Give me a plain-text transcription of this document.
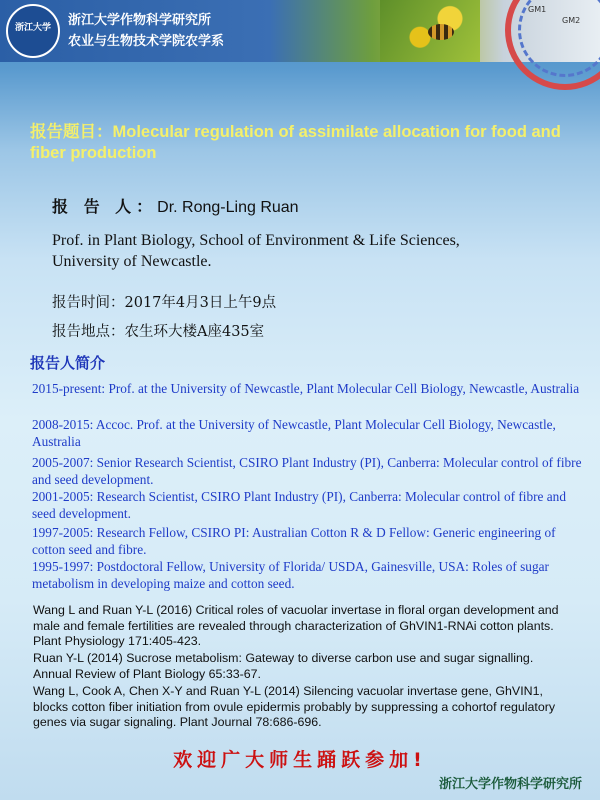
浙江大学	浙江大学作物科学研究所
农业与生物技术学院农学系
GM1
GM2
报告题目：Molecular regulation of assimilate allocation for food and fiber production
报 告 人：Dr. Rong-Ling Ruan
Prof. in Plant Biology, School of Environment & Life Sciences, University of Newcastle.
报告时间：2017年4月3日上午9点
报告地点：农生环大楼A座435室
报告人简介
2015-present: Prof. at the University of Newcastle, Plant Molecular Cell Biology, Newcastle, Australia
2008-2015: Accoc. Prof. at the University of Newcastle, Plant Molecular Cell Biology, Newcastle, Australia
2005-2007: Senior Research Scientist, CSIRO Plant Industry (PI), Canberra: Molecular control of fibre and seed development.
2001-2005: Research Scientist, CSIRO Plant Industry (PI), Canberra: Molecular control of fibre and seed development.
1997-2005: Research Fellow, CSIRO PI: Australian Cotton R & D Fellow: Generic engineering of cotton seed and fibre.
1995-1997: Postdoctoral Fellow, University of Florida/ USDA, Gainesville, USA: Roles of sugar metabolism in developing maize and cotton seed.
Wang L and Ruan Y-L (2016) Critical roles of vacuolar invertase in floral organ development and male and female fertilities are revealed through characterization of GhVIN1-RNAi cotton plants. Plant Physiology 171:405-423.
Ruan Y-L (2014) Sucrose metabolism: Gateway to diverse carbon use and sugar signalling. Annual Review of Plant Biology 65:33-67.
Wang L, Cook A, Chen X-Y and Ruan Y-L (2014) Silencing vacuolar invertase gene, GhVIN1, blocks cotton fiber initiation from ovule epidermis probably by suppressing a cohortof regulatory genes via sugar signaling. Plant Journal 78:686-696.
欢迎广大师生踊跃参加!
浙江大学作物科学研究所
